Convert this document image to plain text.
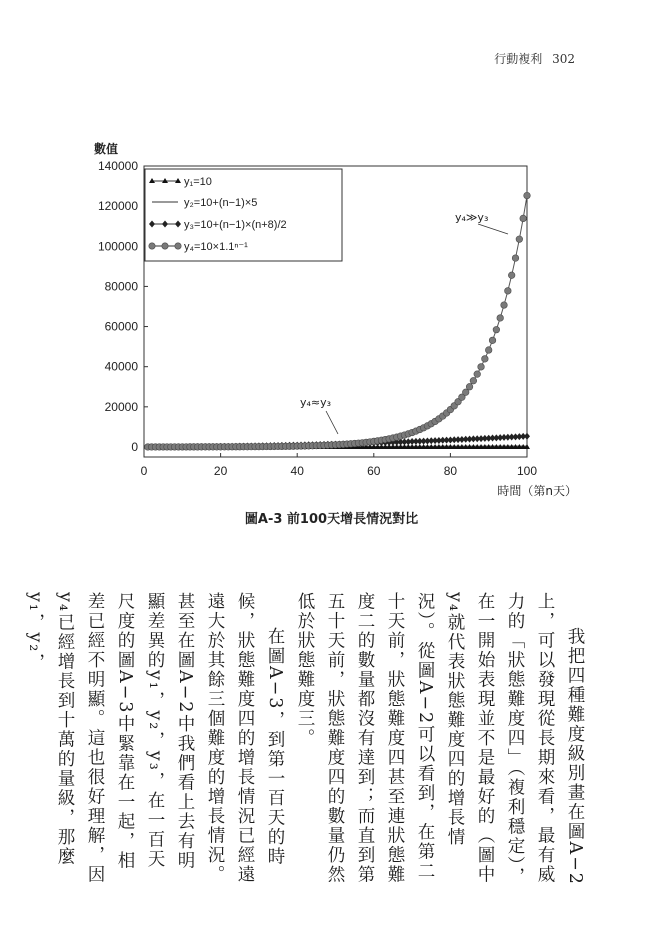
行動複利 302
0
20000
40000
60000
80000
100000
120000
140000
0	20	40	60	80	100
數值
時間（第n天）
y₁=10
y₂=10+(n−1)×5
y₃=10+(n−1)×(n+8)/2
y₄=10×1.1ⁿ⁻¹
y₄≫y₃
y₄≈y₃
圖A-3 前100天增長情況對比

我把四種難度級別畫在圖A−2上，可以發現從長期來看，最有威力的「狀態難度四」（複利穩定），在一開始表現並不是最好的（圖中y₄就代表狀態難度四的增長情況）。從圖A−2可以看到，在第二十天前，狀態難度四甚至連狀態難度二的數量都沒有達到；而直到第五十天前，狀態難度四的數量仍然低於狀態難度三。

在圖A−3，到第一百天的時候，狀態難度四的增長情況已經遠遠大於其餘三個難度的增長情況。甚至在圖A−2中我們看上去有明顯差異的y₁，y₂，y₃，在一百天尺度的圖A−3中緊靠在一起，相差已經不明顯。這也很好理解，因y₄已經增長到十萬的量級，那麼y₁，y₂，
